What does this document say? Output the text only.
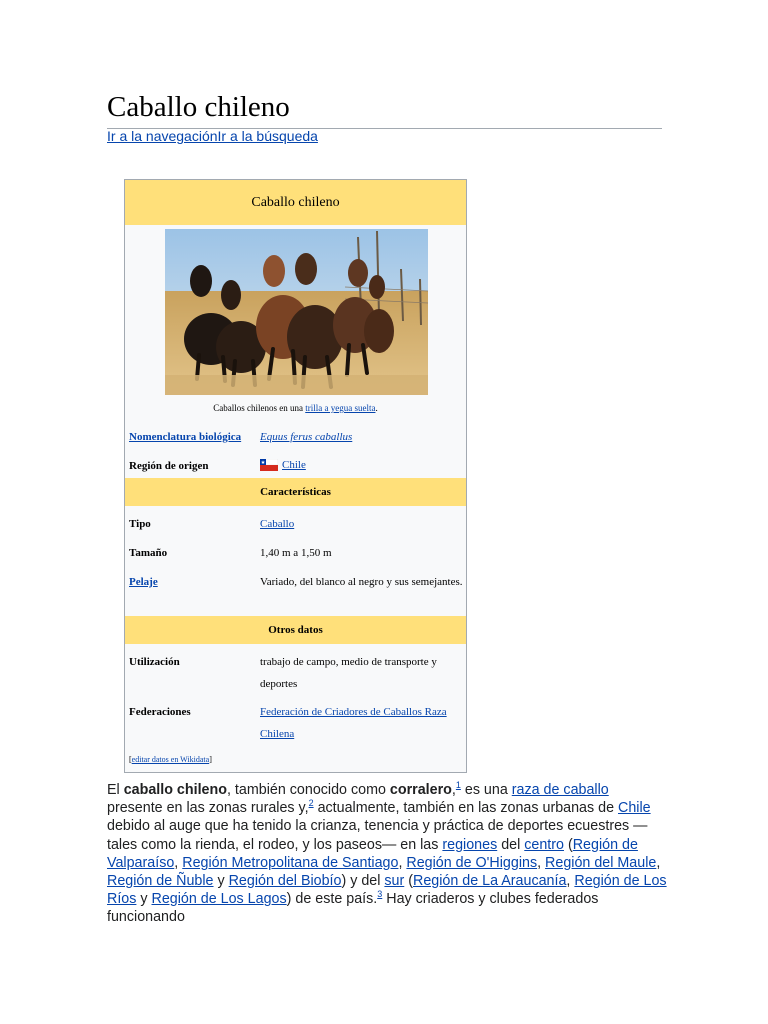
Caballo chileno
Ir a la navegaciónIr a la búsqueda
Caballo chileno
Caballos chilenos en una trilla a yegua suelta.
Nomenclatura biológica	Equus ferus caballus
Región de origen	Chile
Características
Tipo	Caballo
Tamaño	1,40 m a 1,50 m
Pelaje	Variado, del blanco al negro y sus semejantes.
Otros datos
Utilización	trabajo de campo, medio de transporte y deportes
Federaciones	Federación de Criadores de Caballos Raza Chilena
[editar datos en Wikidata]

El caballo chileno, también conocido como corralero,$^1$ es una raza de caballo presente en las zonas rurales y,$^2$ actualmente, también en las zonas urbanas de Chile debido al auge que ha tenido la crianza, tenencia y práctica de deportes ecuestres —tales como la rienda, el rodeo, y los paseos— en las regiones del centro (Región de Valparaíso, Región Metropolitana de Santiago, Región de O'Higgins, Región del Maule, Región de Ñuble y Región del Biobío) y del sur (Región de La Araucanía, Región de Los Ríos y Región de Los Lagos) de este país.$^3$ Hay criaderos y clubes federados funcionando
